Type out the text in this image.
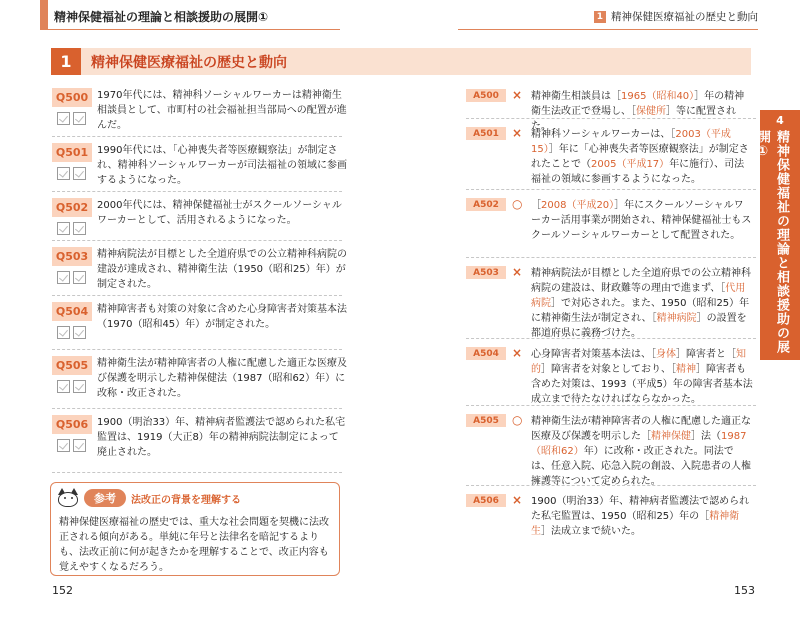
精神保健福祉の理論と相談援助の展開①	1 精神保健医療福祉の歴史と動向
1	精神保健医療福祉の歴史と動向
Q500 1970年代には、精神科ソーシャルワーカーは精神衛生相談員として、市町村の社会福祉担当部局への配置が進んだ。
Q501 1990年代には、「心神喪失者等医療観察法」が制定され、精神科ソーシャルワーカーが司法福祉の領域に参画するようになった。
Q502 2000年代には、精神保健福祉士がスクールソーシャルワーカーとして、活用されるようになった。
Q503 精神病院法が目標とした全道府県での公立精神科病院の建設が達成され、精神衛生法（1950（昭和25）年）が制定された。
Q504 精神障害者も対策の対象に含めた心身障害者対策基本法（1970（昭和45）年）が制定された。
Q505 精神衛生法が精神障害者の人権に配慮した適正な医療及び保護を明示した精神保健法（1987（昭和62）年）に改称・改正された。
Q506 1900（明治33）年、精神病者監護法で認められた私宅監置は、1919（大正8）年の精神病院法制定によって廃止された。
参考	法改正の背景を理解する
精神保健医療福祉の歴史では、重大な社会問題を契機に法改正される傾向がある。単純に年号と法律名を暗記するよりも、法改正前に何が起きたかを理解することで、改正内容も覚えやすくなるだろう。
152	153
4
精神保健福祉の理論と相談援助の展開①
A500	× 精神衛生相談員は［1965（昭和40）］年の精神衛生法改正で登場し、［保健所］等に配置された。
A501	× 精神科ソーシャルワーカーは、［2003（平成15）］年に「心神喪失者等医療観察法」が制定されたことで（2005（平成17）年に施行）、司法福祉の領域に参画するようになった。
A502	○ ［2008（平成20）］年にスクールソーシャルワーカー活用事業が開始され、精神保健福祉士もスクールソーシャルワーカーとして配置された。
A503	× 精神病院法が目標とした全道府県での公立精神科病院の建設は、財政難等の理由で進まず、［代用病院］で対応された。また、1950（昭和25）年に精神衛生法が制定され、［精神病院］の設置を都道府県に義務づけた。
A504	× 心身障害者対策基本法は、［身体］障害者と［知的］障害者を対象としており、［精神］障害者も含めた対策は、1993（平成5）年の障害者基本法成立まで待たなければならなかった。
A505	○ 精神衛生法が精神障害者の人権に配慮した適正な医療及び保護を明示した［精神保健］法（1987（昭和62）年）に改称・改正された。同法では、任意入院、応急入院の創設、入院患者の人権擁護等について定められた。
A506	× 1900（明治33）年、精神病者監護法で認められた私宅監置は、1950（昭和25）年の［精神衛生］法成立まで続いた。
